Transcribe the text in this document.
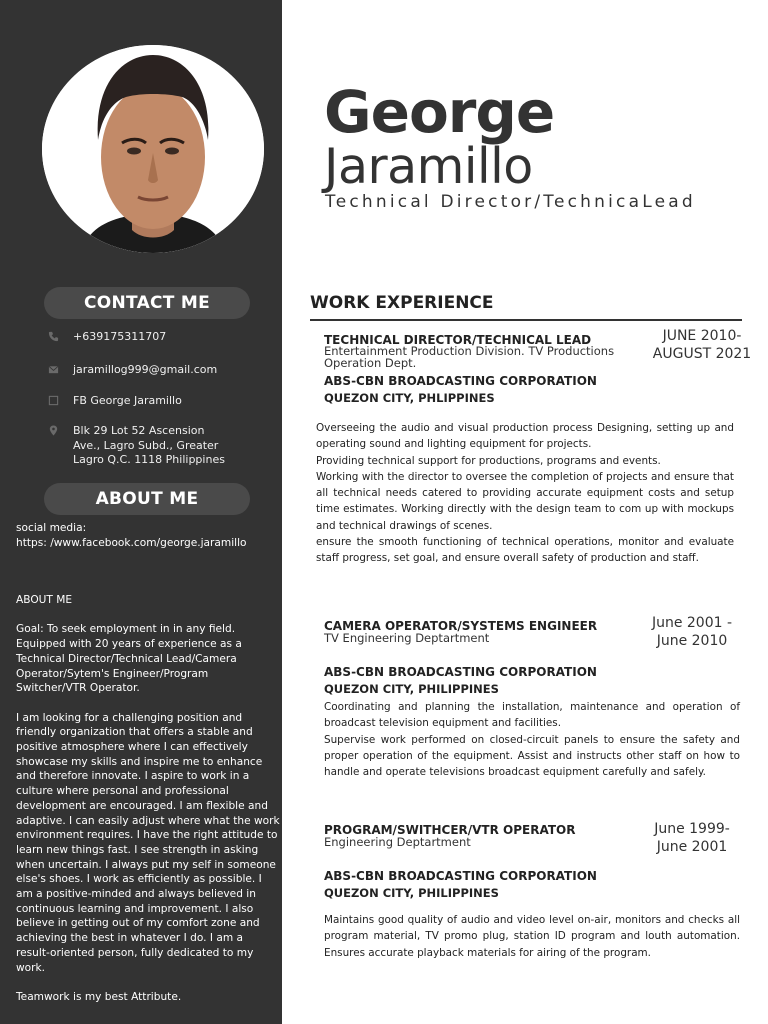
CONTACT ME
+639175311707
jaramillog999@gmail.com
FB George Jaramillo
Blk 29 Lot 52 Ascension Ave., Lagro Subd., Greater Lagro Q.C. 1118 Philippines
ABOUT ME
social media:
https: /www.facebook.com/george.jaramillo

ABOUT ME

Goal: To seek employment in in any field. Equipped with 20 years of experience as a Technical Director/Technical Lead/Camera Operator/Sytem's Engineer/Program Switcher/VTR Operator.

I am looking for a challenging position and friendly organization that offers a stable and positive atmosphere where I can effectively showcase my skills and inspire me to enhance and therefore innovate. I aspire to work in a culture where personal and professional development are encouraged. I am flexible and adaptive. I can easily adjust where what the work environment requires. I have the right attitude to learn new things fast. I see strength in asking when uncertain. I always put my self in someone else's shoes. I work as efficiently as possible. I am a positive-minded and always believed in continuous learning and improvement. I also believe in getting out of my comfort zone and achieving the best in whatever I do. I am a result-oriented person, fully dedicated to my work.

Teamwork is my best Attribute.

George
Jaramillo
Technical Director/TechnicaLead
WORK EXPERIENCE
TECHNICAL DIRECTOR/TECHNICAL LEAD
Entertainment Production Division. TV Productions Operation Dept.
JUNE 2010-
AUGUST 2021
ABS-CBN BROADCASTING CORPORATION
QUEZON CITY, PHLIPPINES
Overseeing the audio and visual production process Designing, setting up and operating sound and lighting equipment for projects.
Providing technical support for productions, programs and events.
Working with the director to oversee the completion of projects and ensure that all technical needs catered to providing accurate equipment costs and setup time estimates. Working directly with the design team to com up with mockups and technical drawings of scenes.
ensure the smooth functioning of technical operations, monitor and evaluate staff progress, set goal, and ensure overall safety of production and staff.
CAMERA OPERATOR/SYSTEMS ENGINEER
TV Engineering Deptartment
June 2001 -
June 2010
ABS-CBN BROADCASTING CORPORATION
QUEZON CITY, PHILIPPINES
Coordinating and planning the installation, maintenance and operation of broadcast television equipment and facilities.
Supervise work performed on closed-circuit panels to ensure the safety and proper operation of the equipment. Assist and instructs other staff on how to handle and operate televisions broadcast equipment carefully and safely.
PROGRAM/SWITHCER/VTR OPERATOR
Engineering Deptartment
June 1999-
June 2001
ABS-CBN BROADCASTING CORPORATION
QUEZON CITY, PHILIPPINES
Maintains good quality of audio and video level on-air, monitors and checks all program material, TV promo plug, station ID program and louth automation. Ensures accurate playback materials for airing of the program.
